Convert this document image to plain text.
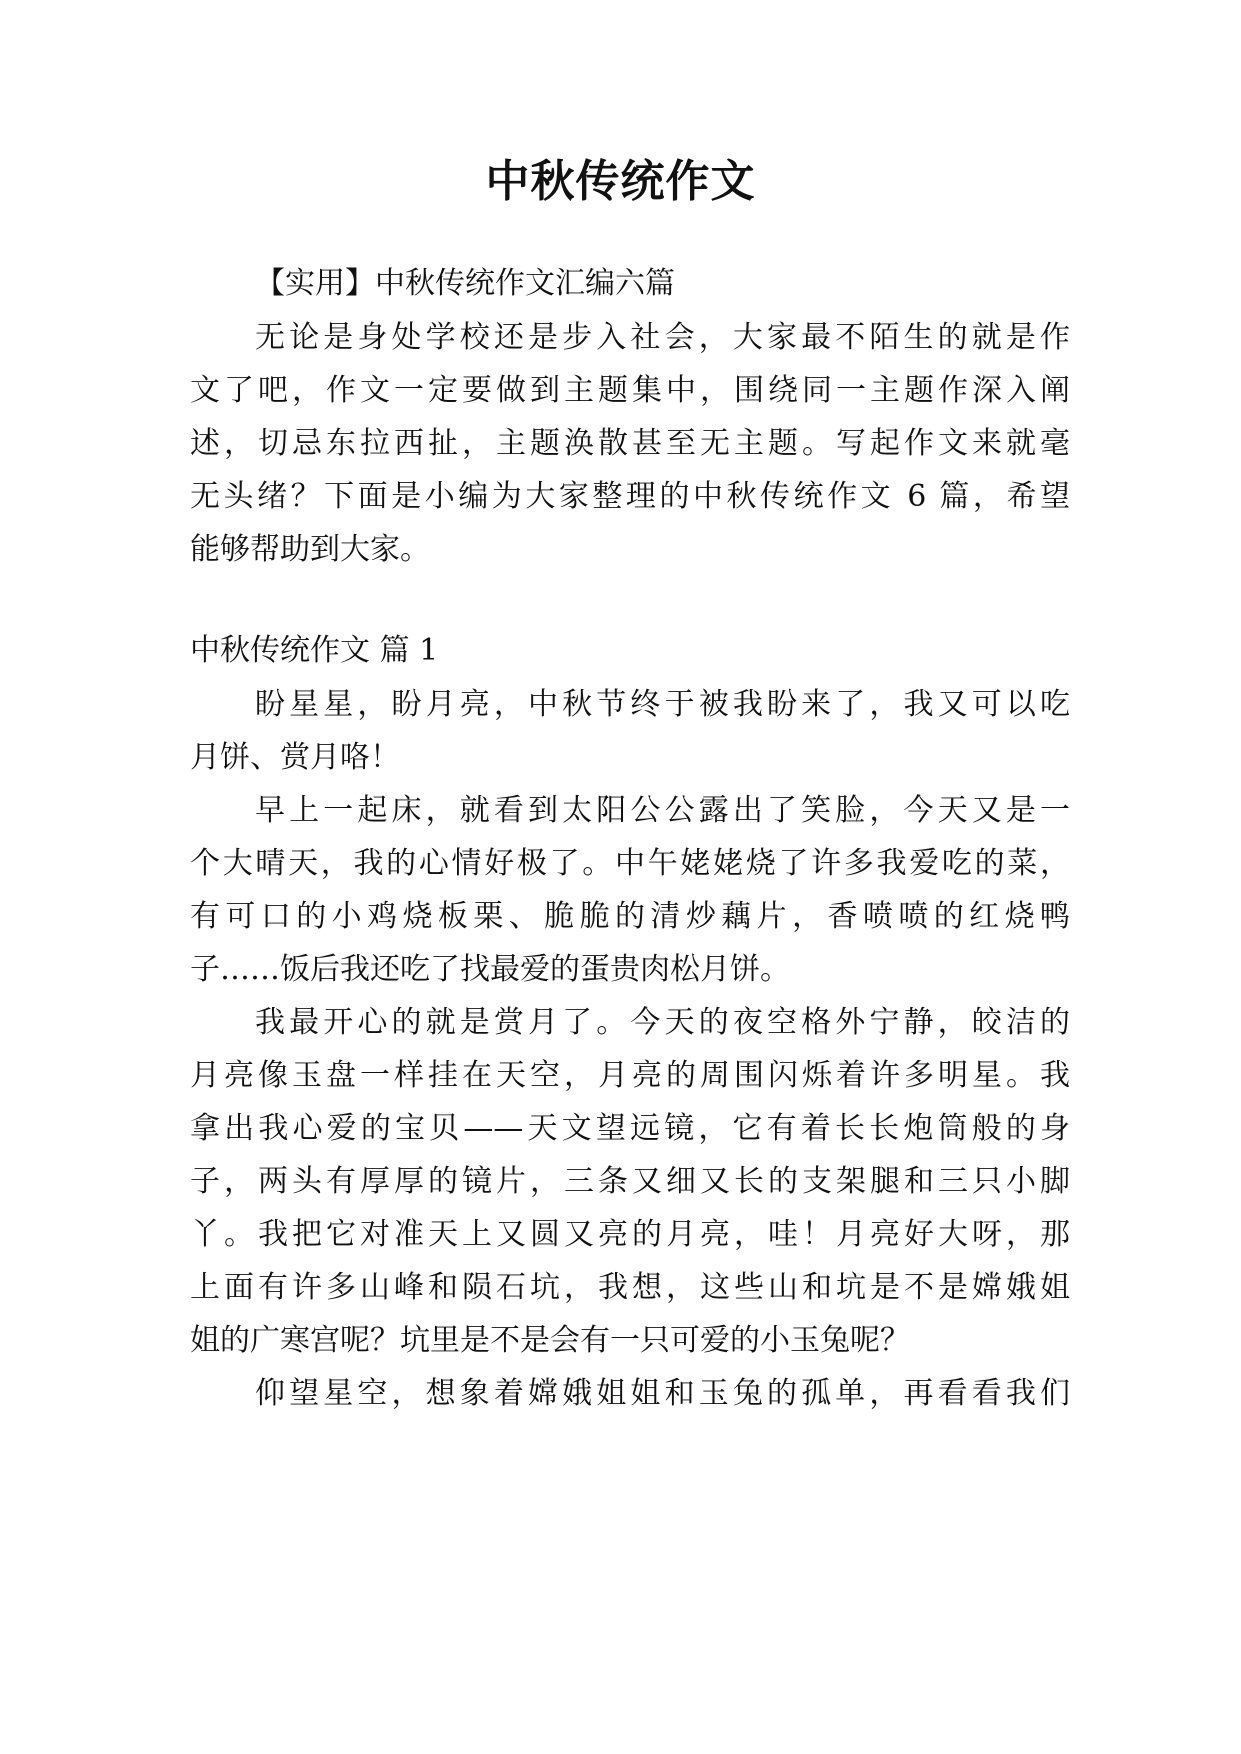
中秋传统作文

【实用】中秋传统作文汇编六篇

无论是身处学校还是步入社会，大家最不陌生的就是作

文了吧，作文一定要做到主题集中，围绕同一主题作深入阐

述，切忌东拉西扯，主题涣散甚至无主题。写起作文来就毫

无头绪？下面是小编为大家整理的中秋传统作文 6 篇，希望

能够帮助到大家。

中秋传统作文 篇 1

盼星星，盼月亮，中秋节终于被我盼来了，我又可以吃

月饼、赏月咯！

早上一起床，就看到太阳公公露出了笑脸，今天又是一

个大晴天，我的心情好极了。中午姥姥烧了许多我爱吃的菜，

有可口的小鸡烧板栗、脆脆的清炒藕片，香喷喷的红烧鸭

子……饭后我还吃了找最爱的蛋贵肉松月饼。

我最开心的就是赏月了。今天的夜空格外宁静，皎洁的

月亮像玉盘一样挂在天空，月亮的周围闪烁着许多明星。我

拿出我心爱的宝贝——天文望远镜，它有着长长炮筒般的身

子，两头有厚厚的镜片，三条又细又长的支架腿和三只小脚

丫。我把它对准天上又圆又亮的月亮，哇！月亮好大呀，那

上面有许多山峰和陨石坑，我想，这些山和坑是不是嫦娥姐

姐的广寒宫呢？坑里是不是会有一只可爱的小玉兔呢？

仰望星空，想象着嫦娥姐姐和玉兔的孤单，再看看我们
